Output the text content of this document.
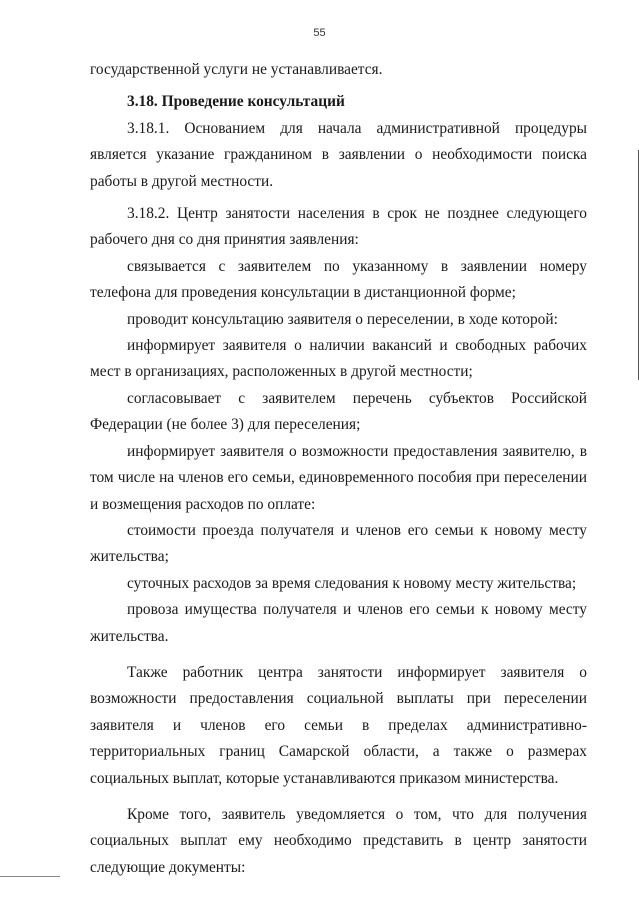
55

государственной услуги не устанавливается.

3.18. Проведение консультаций

3.18.1. Основанием для начала административной процедуры является указание гражданином в заявлении о необходимости поиска работы в другой местности.

3.18.2. Центр занятости населения в срок не позднее следующего рабочего дня со дня принятия заявления:

связывается с заявителем по указанному в заявлении номеру телефона для проведения консультации в дистанционной форме;

проводит консультацию заявителя о переселении, в ходе которой:

информирует заявителя о наличии вакансий и свободных рабочих мест в организациях, расположенных в другой местности;

согласовывает с заявителем перечень субъектов Российской Федерации (не более 3) для переселения;

информирует заявителя о возможности предоставления заявителю, в том числе на членов его семьи, единовременного пособия при переселении и возмещения расходов по оплате:

стоимости проезда получателя и членов его семьи к новому месту жительства;

суточных расходов за время следования к новому месту жительства;

провоза имущества получателя и членов его семьи к новому месту жительства.

Также работник центра занятости информирует заявителя о возможности предоставления социальной выплаты при переселении заявителя и членов его семьи в пределах административно-территориальных границ Самарской области, а также о размерах социальных выплат, которые устанавливаются приказом министерства.

Кроме того, заявитель уведомляется о том, что для получения социальных выплат ему необходимо представить в центр занятости следующие документы:
